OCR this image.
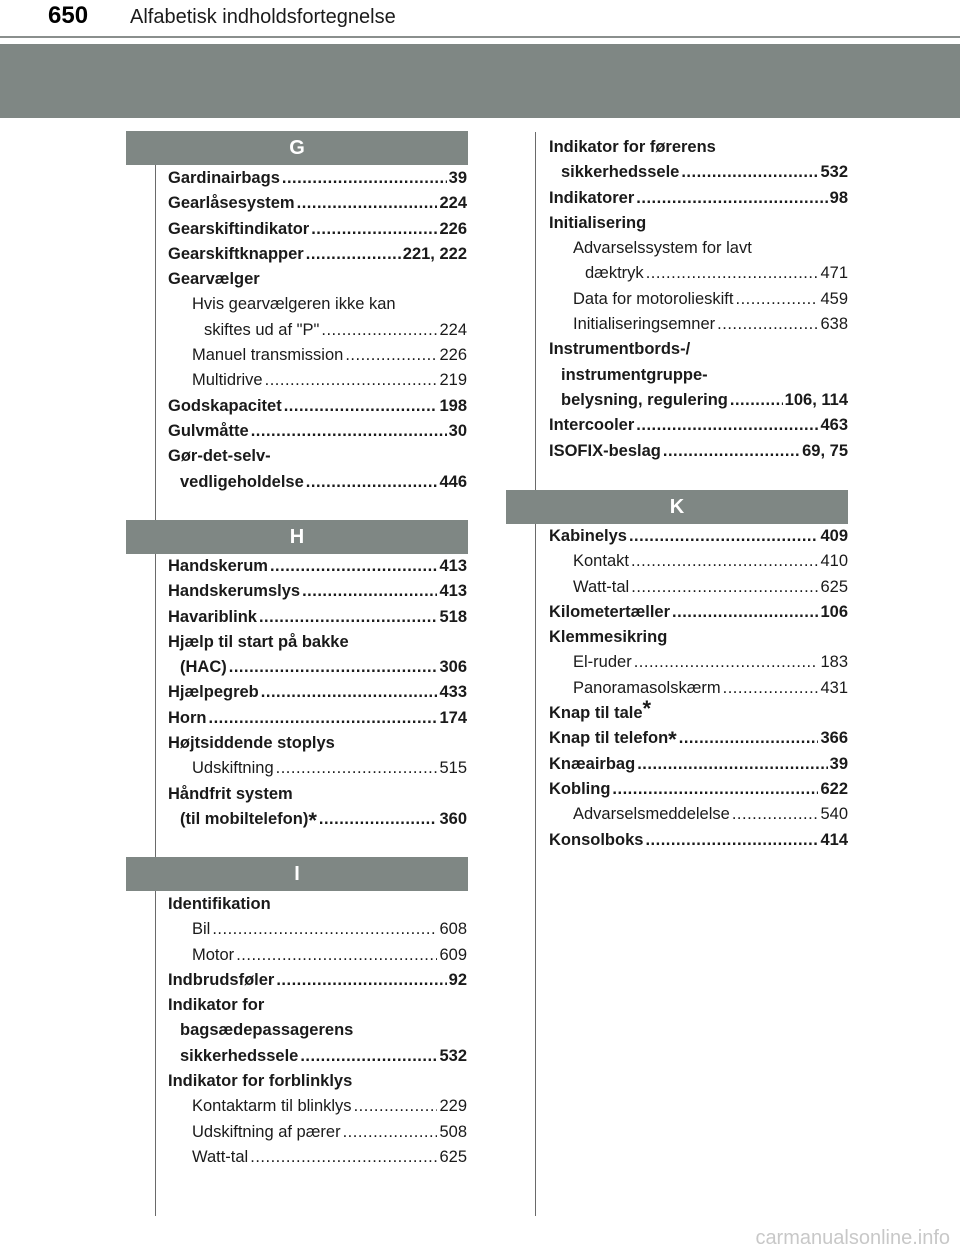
650 Alfabetisk indholdsfortegnelse
G
Gardinairbags .....	39
Gearlåsesystem .....	224
Gearskiftindikator .....	226
Gearskiftknapper .....	221, 222
Gearvælger
Hvis gearvælgeren ikke kan
skiftes ud af "P" .....	224
Manuel transmission .....	226
Multidrive .....	219
Godskapacitet .....	198
Gulvmåtte .....	30
Gør-det-selv-
vedligeholdelse .....	446
H
Handskerum .....	413
Handskerumslys .....	413
Havariblink .....	518
Hjælp til start på bakke
(HAC) .....	306
Hjælpegreb .....	433
Horn .....	174
Højtsiddende stoplys
Udskiftning .....	515
Håndfrit system
(til mobiltelefon)* .....	360
I
Identifikation
Bil .....	608
Motor .....	609
Indbrudsføler .....	92
Indikator for
bagsædepassagerens
sikkerhedssele .....	532
Indikator for forblinklys
Kontaktarm til blinklys .....	229
Udskiftning af pærer .....	508
Watt-tal .....	625
Indikator for førerens
sikkerhedssele .....	532
Indikatorer .....	98
Initialisering
Advarselssystem for lavt
dæktryk .....	471
Data for motorolieskift .....	459
Initialiseringsemner .....	638
Instrumentbords-/
instrumentgruppe-
belysning, regulering .....	106, 114
Intercooler .....	463
ISOFIX-beslag .....	69, 75
K
Kabinelys .....	409
Kontakt .....	410
Watt-tal .....	625
Kilometertæller .....	106
Klemmesikring
El-ruder .....	183
Panoramasolskærm .....	431
Knap til tale*
Knap til telefon* .....	366
Knæairbag .....	39
Kobling .....	622
Advarselsmeddelelse .....	540
Konsolboks .....	414
carmanualsonline.info
